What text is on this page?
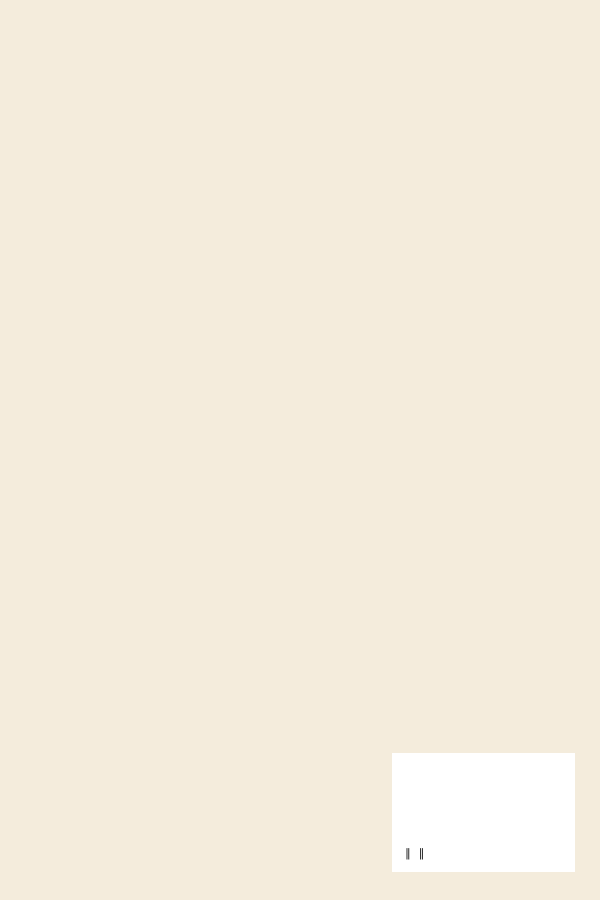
 ∥  ∥ 
